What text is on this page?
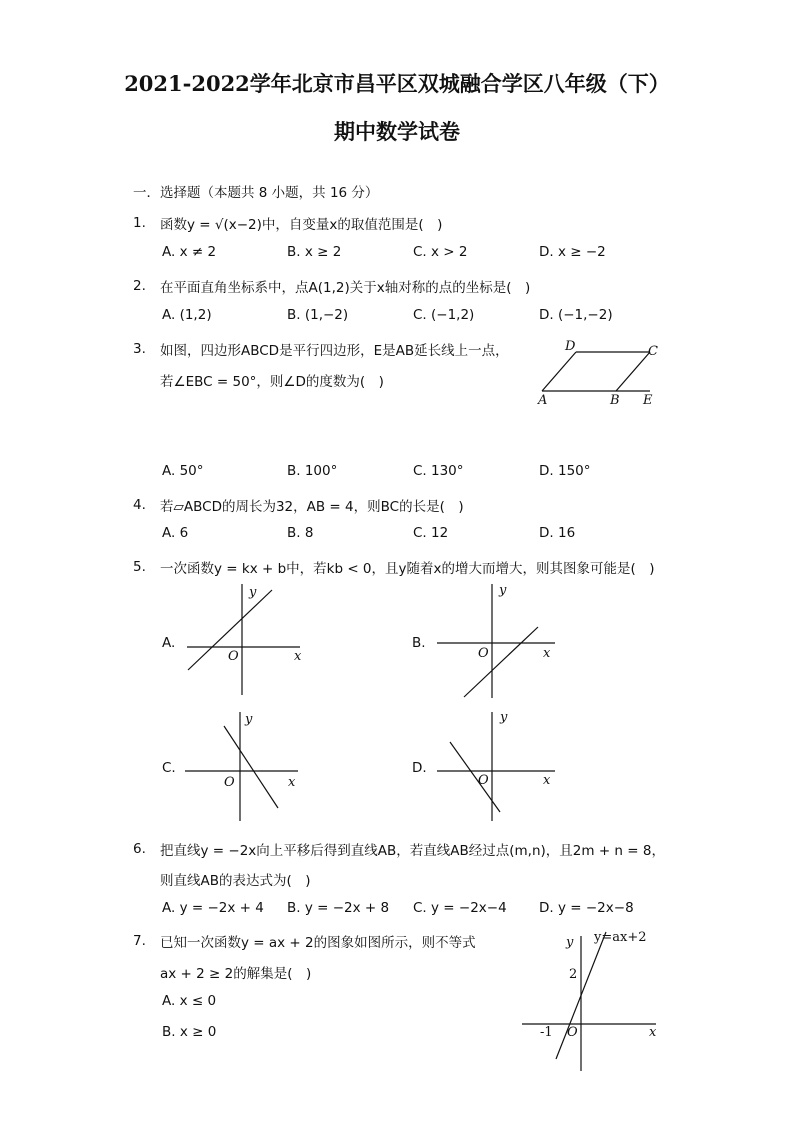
2021-2022学年北京市昌平区双城融合学区八年级（下）
期中数学试卷
一．选择题（本题共 8 小题，共 16 分）
1. 函数y = √(x−2)中，自变量x的取值范围是(　)
A. x ≠ 2	B. x ≥ 2	C. x > 2	D. x ≥ −2
2. 在平面直角坐标系中，点A(1,2)关于x轴对称的点的坐标是(　)
A. (1,2)	B. (1,−2)	C. (−1,2)	D. (−1,−2)
3. 如图，四边形ABCD是平行四边形，E是AB延长线上一点，
若∠EBC = 50°，则∠D的度数为(　)
D	C
A	B E
A. 50°	B. 100°	C. 130°	D. 150°
4. 若▱ABCD的周长为32，AB = 4，则BC的长是(　)
A. 6	B. 8	C. 12	D. 16
5. 一次函数y = kx + b中，若kb < 0，且y随着x的增大而增大，则其图象可能是(　)
A.
y
x
O
B.
y
x
O
C.
y
x
O
D.
y
x
O
6. 把直线y = −2x向上平移后得到直线AB，若直线AB经过点(m,n)，且2m + n = 8，
则直线AB的表达式为(　)
A. y = −2x + 4 B. y = −2x + 8 C. y = −2x−4 D. y = −2x−8
7. 已知一次函数y = ax + 2的图象如图所示，则不等式
ax + 2 ≥ 2的解集是(　)
A. x ≤ 0
B. x ≥ 0
y y=ax+2
2
-1 O	x
